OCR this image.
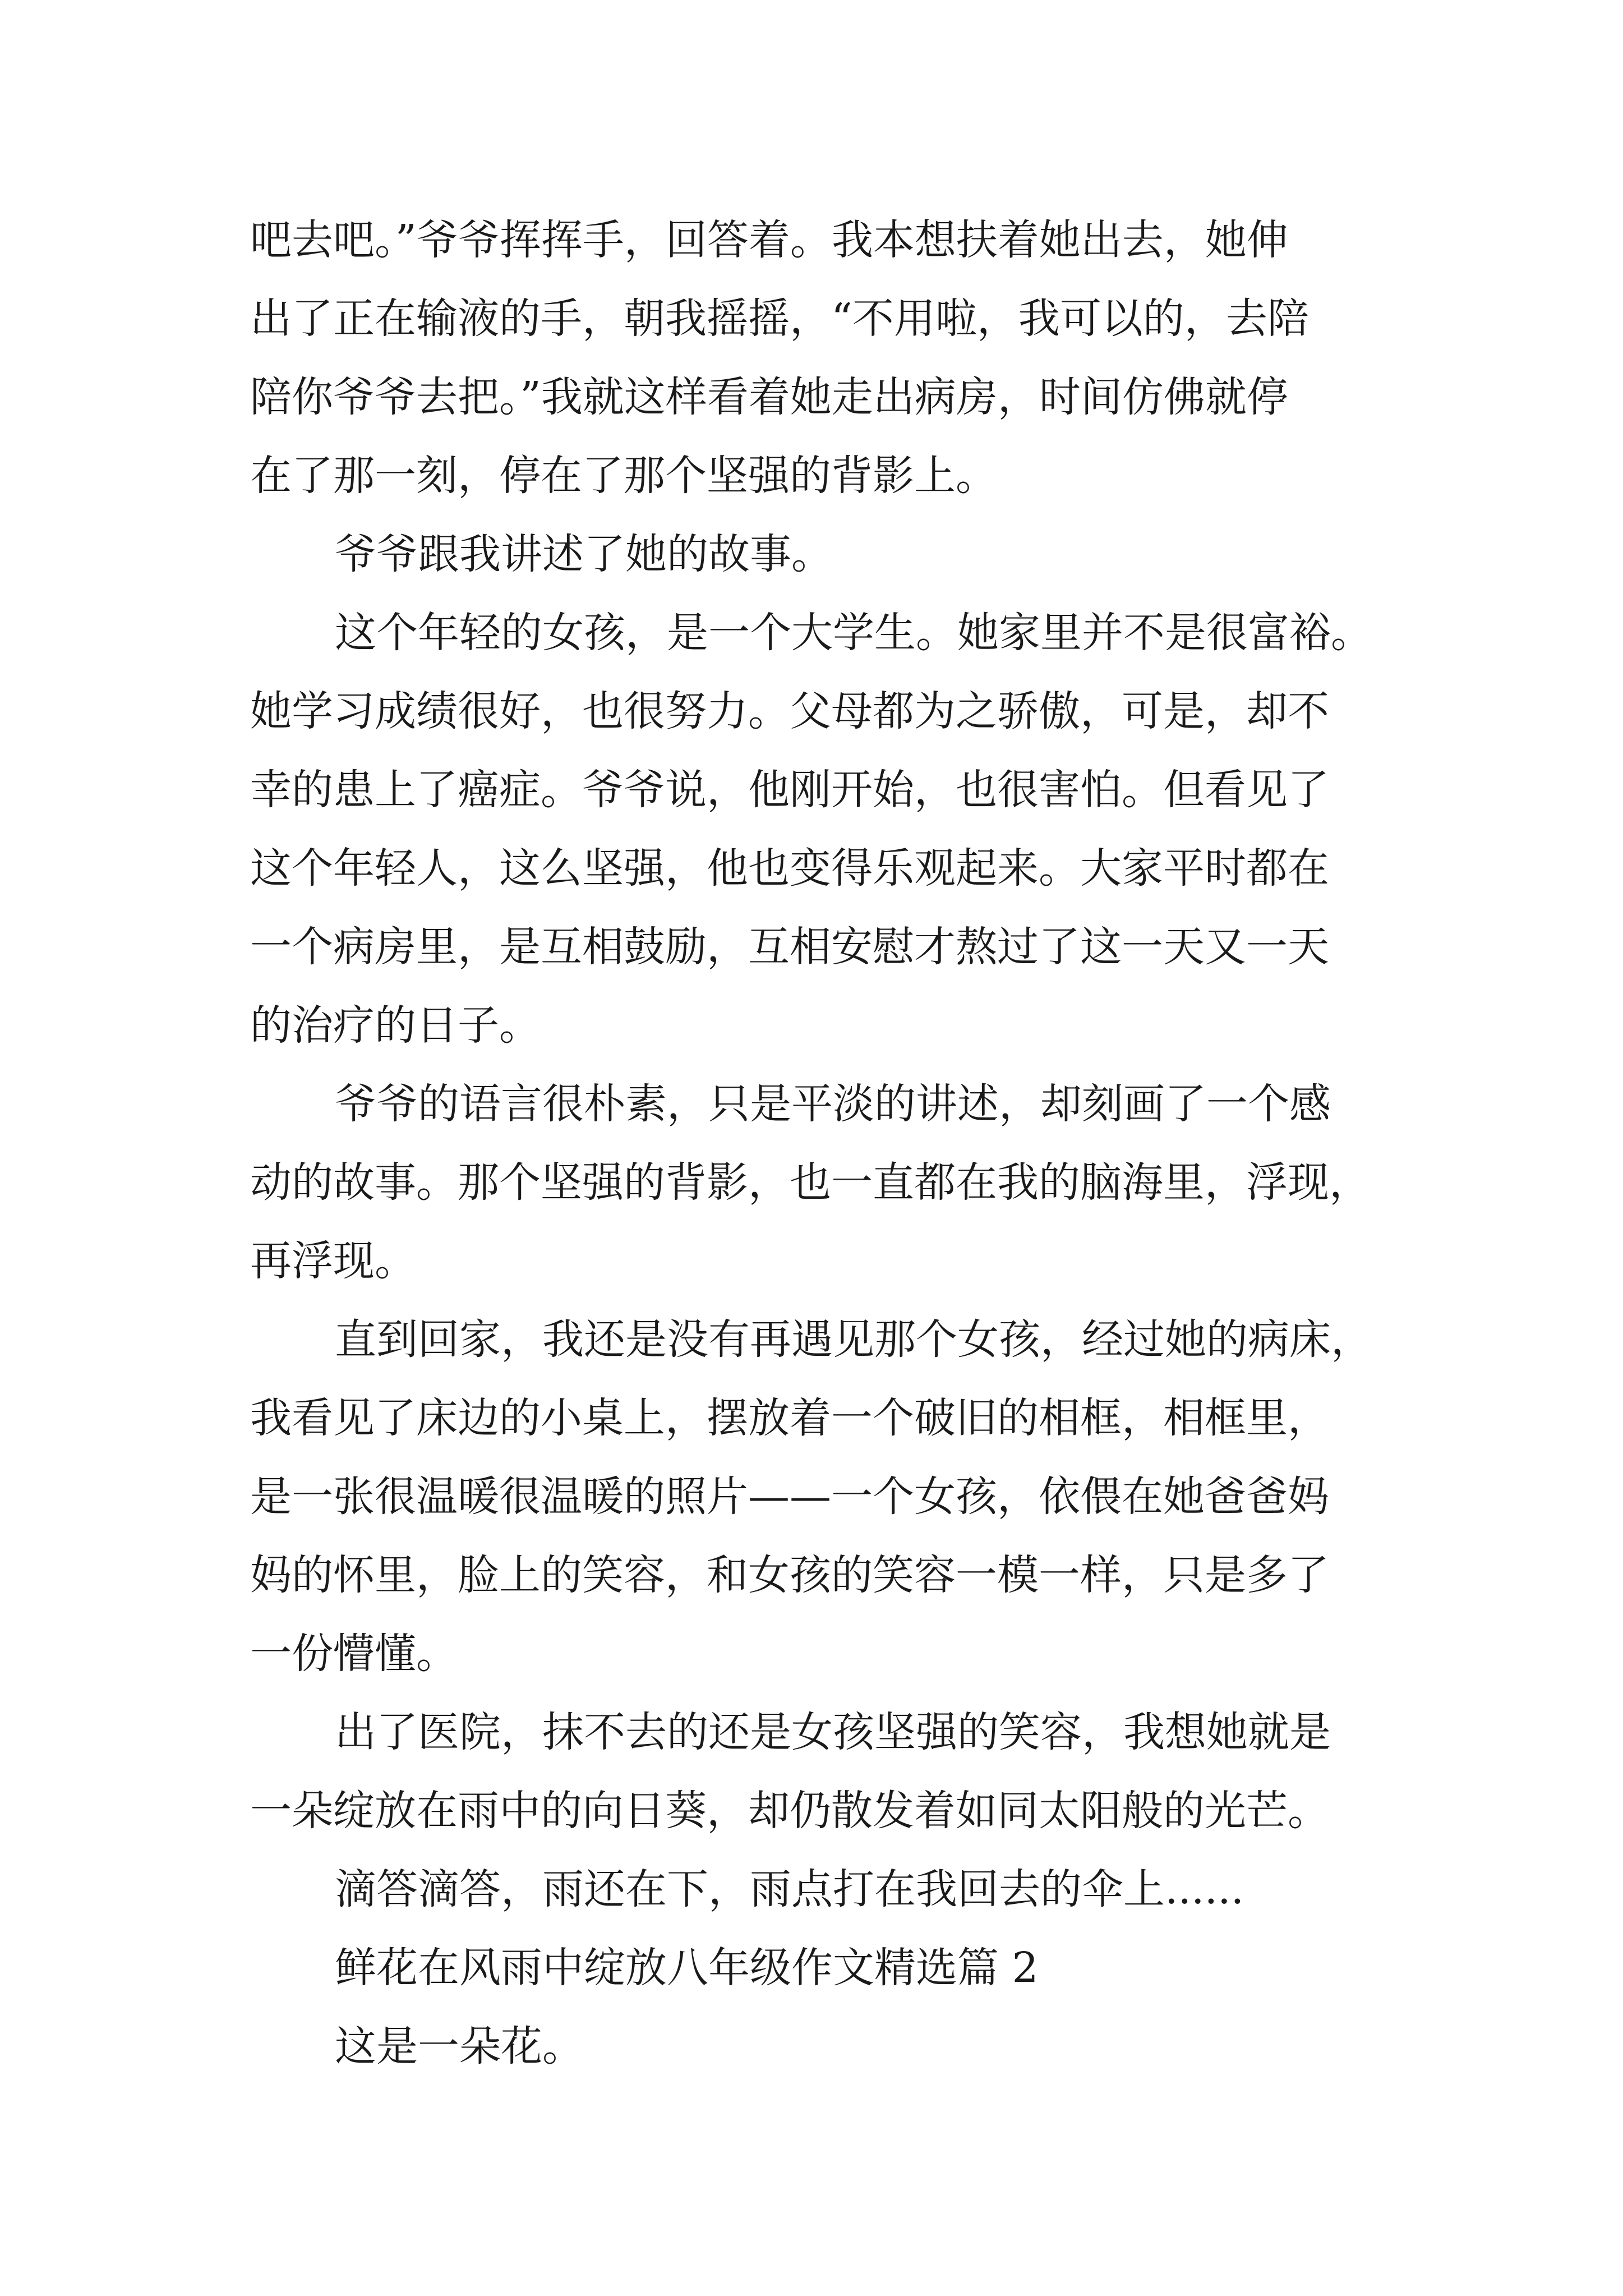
吧去吧。”爷爷挥挥手，回答着。我本想扶着她出去，她伸
出了正在输液的手，朝我摇摇，“不用啦，我可以的，去陪
陪你爷爷去把。”我就这样看着她走出病房，时间仿佛就停
在了那一刻，停在了那个坚强的背影上。
爷爷跟我讲述了她的故事。
这个年轻的女孩，是一个大学生。她家里并不是很富裕。
她学习成绩很好，也很努力。父母都为之骄傲，可是，却不
幸的患上了癌症。爷爷说，他刚开始，也很害怕。但看见了
这个年轻人，这么坚强，他也变得乐观起来。大家平时都在
一个病房里，是互相鼓励，互相安慰才熬过了这一天又一天
的治疗的日子。
爷爷的语言很朴素，只是平淡的讲述，却刻画了一个感
动的故事。那个坚强的背影，也一直都在我的脑海里，浮现，
再浮现。
直到回家，我还是没有再遇见那个女孩，经过她的病床，
我看见了床边的小桌上，摆放着一个破旧的相框，相框里，
是一张很温暖很温暖的照片——一个女孩，依偎在她爸爸妈
妈的怀里，脸上的笑容，和女孩的笑容一模一样，只是多了
一份懵懂。
出了医院，抹不去的还是女孩坚强的笑容，我想她就是
一朵绽放在雨中的向日葵，却仍散发着如同太阳般的光芒。
滴答滴答，雨还在下，雨点打在我回去的伞上......
鲜花在风雨中绽放八年级作文精选篇 2
这是一朵花。
